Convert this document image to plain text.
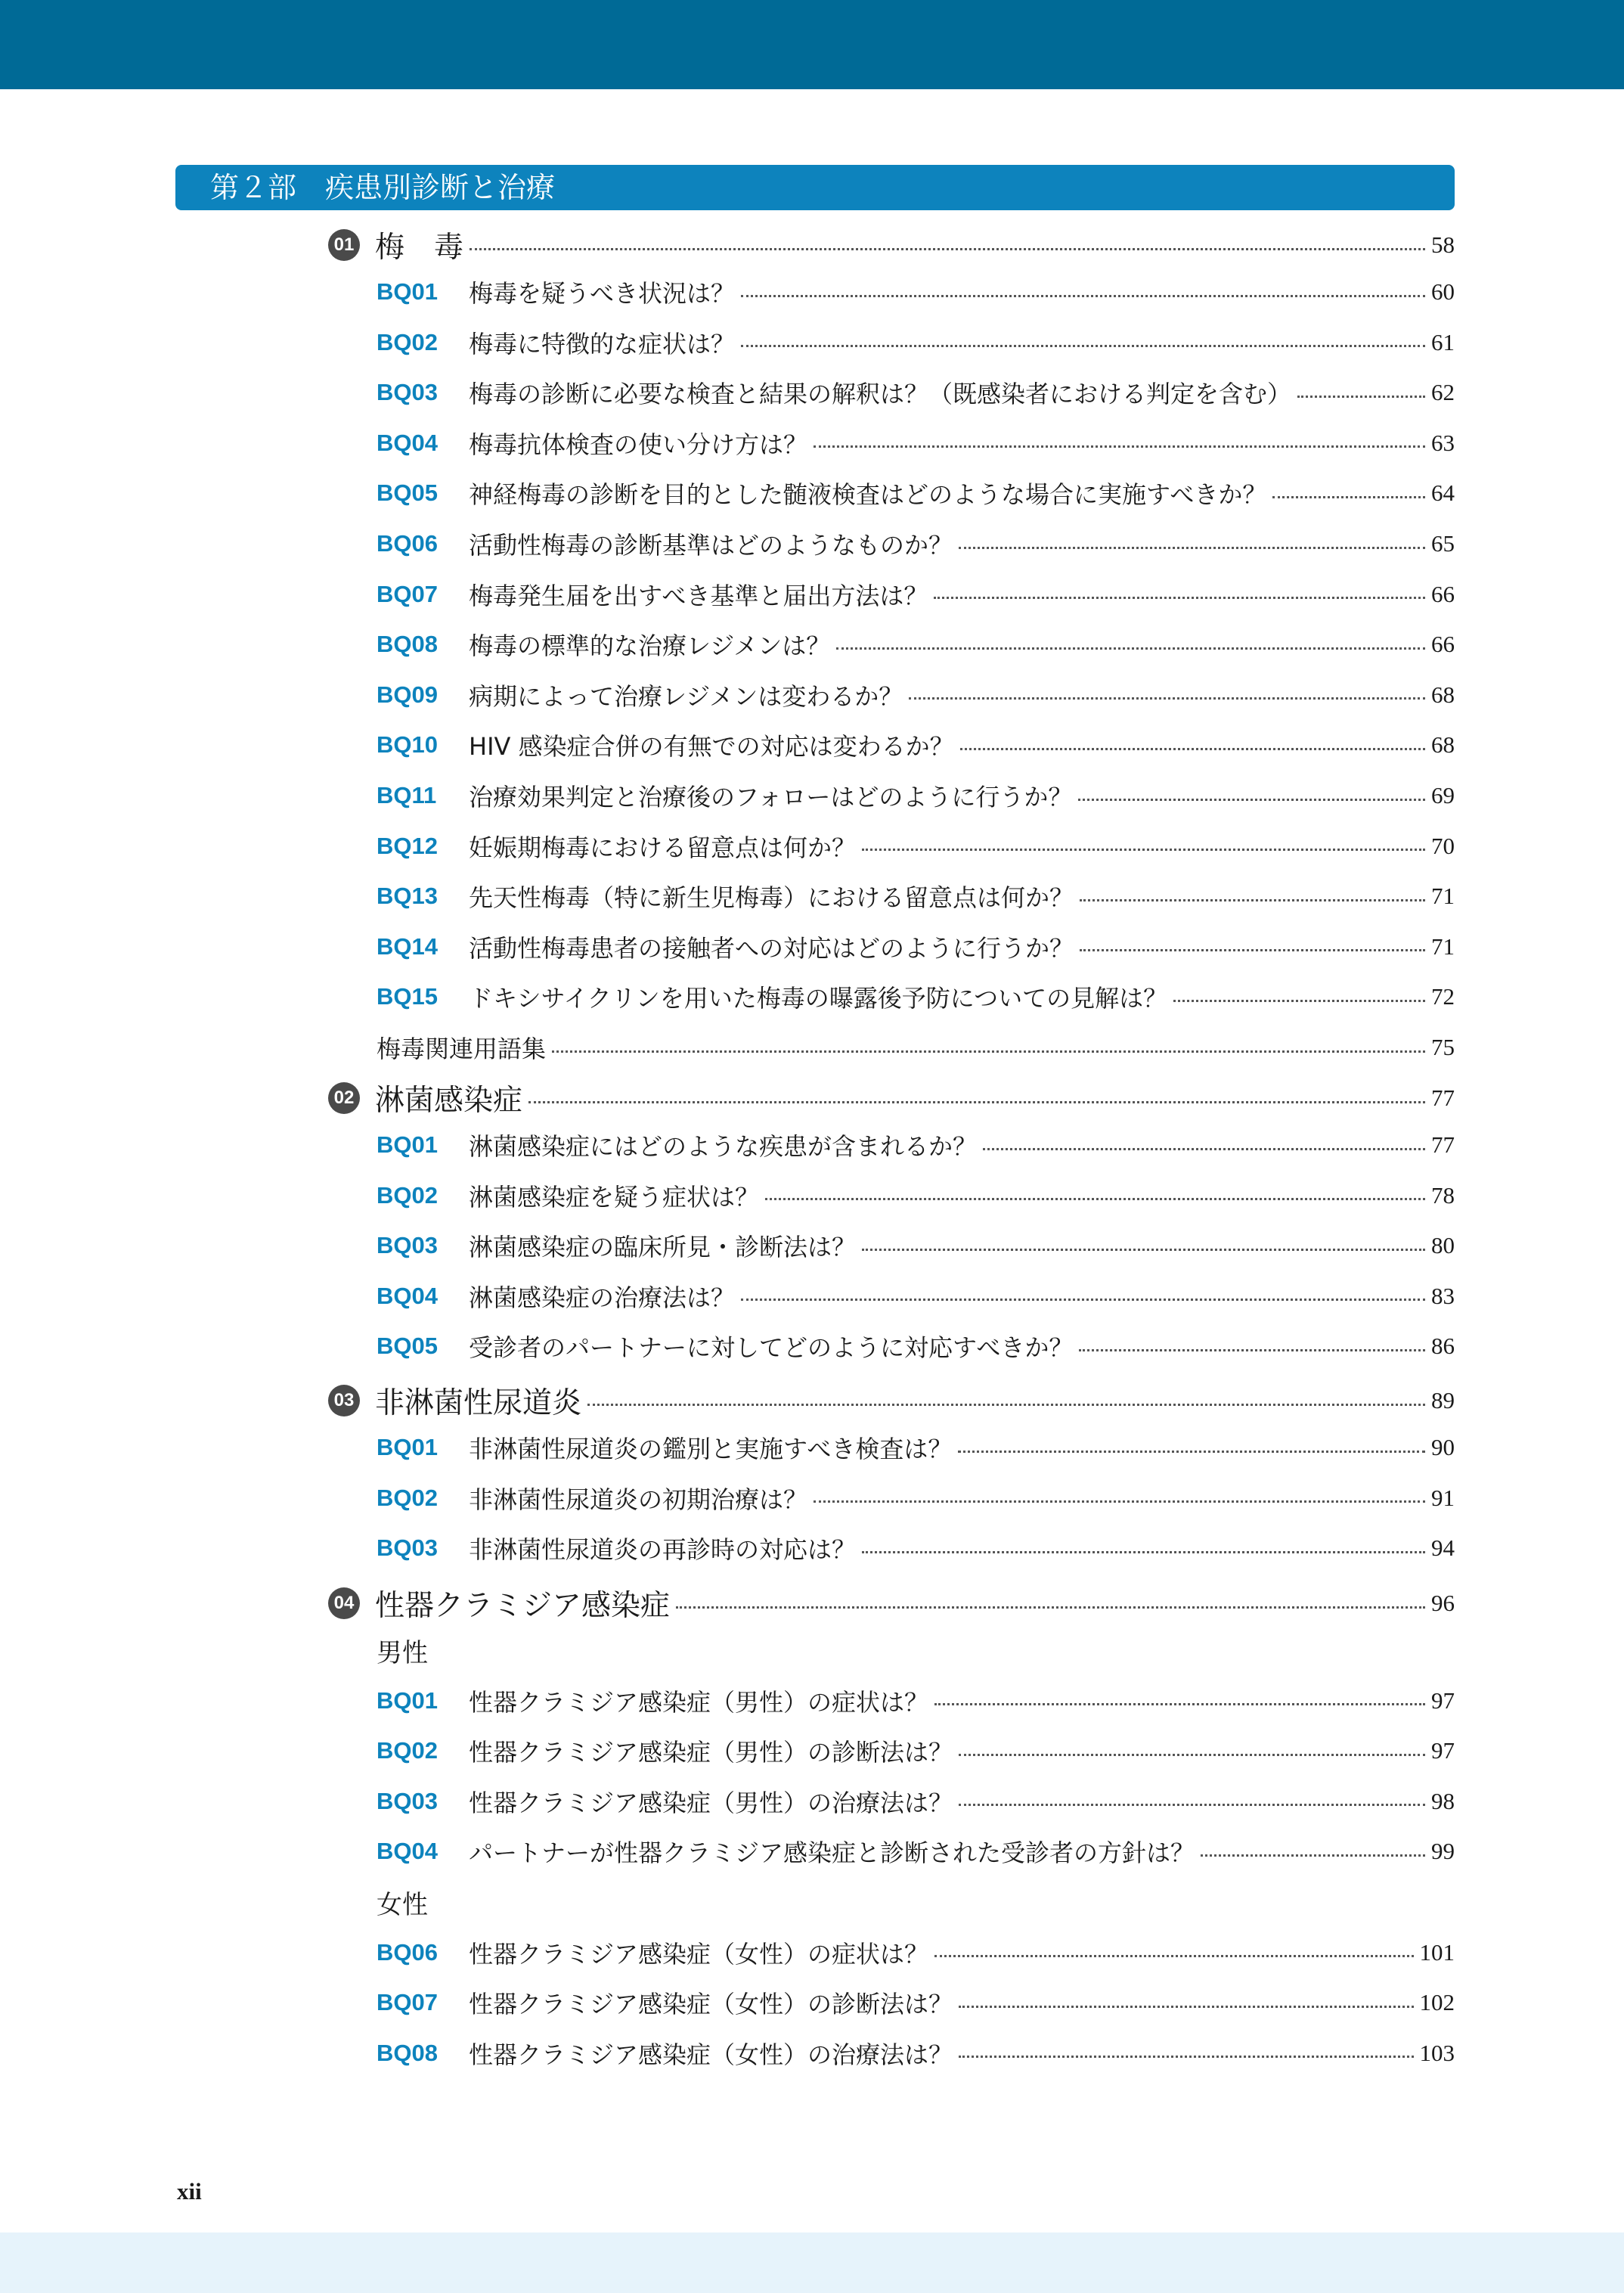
第２部　疾患別診断と治療
01 梅　毒	58
BQ01	梅毒を疑うべき状況は？	60
BQ02	梅毒に特徴的な症状は？	61
BQ03	梅毒の診断に必要な検査と結果の解釈は？（既感染者における判定を含む）	62
BQ04	梅毒抗体検査の使い分け方は？	63
BQ05	神経梅毒の診断を目的とした髄液検査はどのような場合に実施すべきか？	64
BQ06	活動性梅毒の診断基準はどのようなものか？	65
BQ07	梅毒発生届を出すべき基準と届出方法は？	66
BQ08	梅毒の標準的な治療レジメンは？	66
BQ09	病期によって治療レジメンは変わるか？	68
BQ10	HIV 感染症合併の有無での対応は変わるか？	68
BQ11	治療効果判定と治療後のフォローはどのように行うか？	69
BQ12	妊娠期梅毒における留意点は何か？	70
BQ13	先天性梅毒（特に新生児梅毒）における留意点は何か？	71
BQ14	活動性梅毒患者の接触者への対応はどのように行うか？	71
BQ15	ドキシサイクリンを用いた梅毒の曝露後予防についての見解は？	72
梅毒関連用語集	75
02 淋菌感染症	77
BQ01	淋菌感染症にはどのような疾患が含まれるか？	77
BQ02	淋菌感染症を疑う症状は？	78
BQ03	淋菌感染症の臨床所見・診断法は？	80
BQ04	淋菌感染症の治療法は？	83
BQ05	受診者のパートナーに対してどのように対応すべきか？	86
03 非淋菌性尿道炎	89
BQ01	非淋菌性尿道炎の鑑別と実施すべき検査は？	90
BQ02	非淋菌性尿道炎の初期治療は？	91
BQ03	非淋菌性尿道炎の再診時の対応は？	94
04 性器クラミジア感染症	96
男性
BQ01	性器クラミジア感染症（男性）の症状は？	97
BQ02	性器クラミジア感染症（男性）の診断法は？	97
BQ03	性器クラミジア感染症（男性）の治療法は？	98
BQ04	パートナーが性器クラミジア感染症と診断された受診者の方針は？	99
女性
BQ06	性器クラミジア感染症（女性）の症状は？	101
BQ07	性器クラミジア感染症（女性）の診断法は？	102
BQ08	性器クラミジア感染症（女性）の治療法は？	103
xii
